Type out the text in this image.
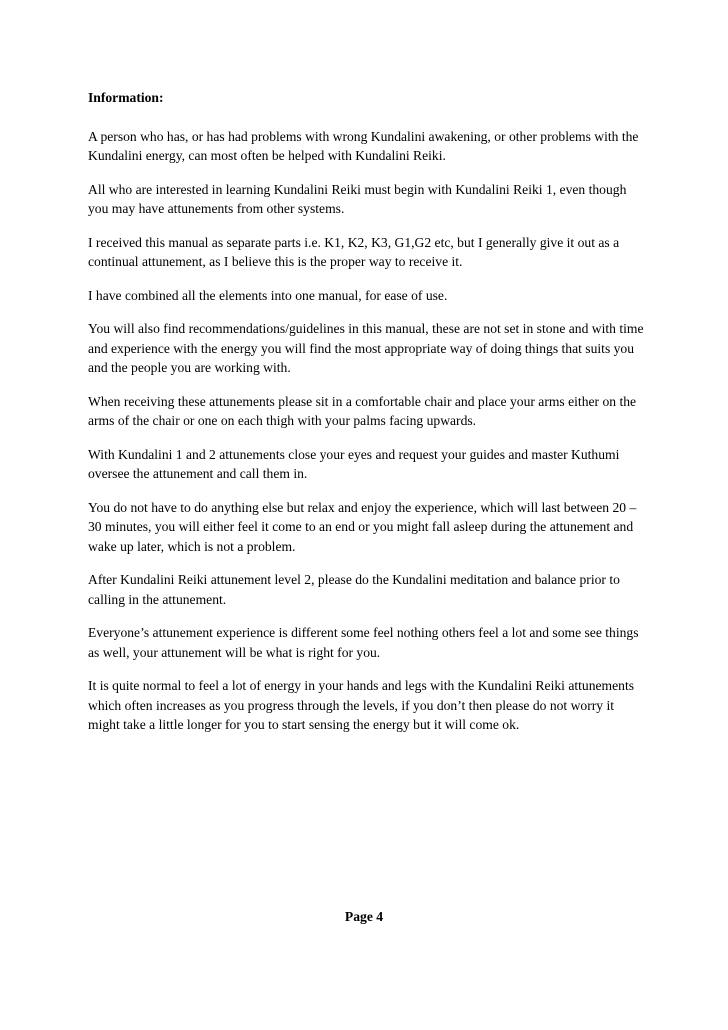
Information:

A person who has, or has had problems with wrong Kundalini awakening, or other problems with the Kundalini energy, can most often be helped with Kundalini Reiki.

All who are interested in learning Kundalini Reiki must begin with Kundalini Reiki 1, even though you may have attunements from other systems.

I received this manual as separate parts i.e. K1, K2, K3, G1,G2 etc, but I generally give it out as a continual attunement, as I believe this is the proper way to receive it.

I have combined all the elements into one manual, for ease of use.

You will also find recommendations/guidelines in this manual, these are not set in stone and with time and experience with the energy you will find the most appropriate way of doing things that suits you and the people you are working with.

When receiving these attunements please sit in a comfortable chair and place your arms either on the arms of the chair or one on each thigh with your palms facing upwards.

With Kundalini 1 and 2 attunements close your eyes and request your guides and master Kuthumi oversee the attunement and call them in.

You do not have to do anything else but relax and enjoy the experience, which will last between 20 – 30 minutes, you will either feel it come to an end or you might fall asleep during the attunement and wake up later, which is not a problem.

After Kundalini Reiki attunement level 2, please do the Kundalini meditation and balance prior to calling in the attunement.

Everyone’s attunement experience is different some feel nothing others feel a lot and some see things as well, your attunement will be what is right for you.

It is quite normal to feel a lot of energy in your hands and legs with the Kundalini Reiki attunements which often increases as you progress through the levels, if you don’t then please do not worry it might take a little longer for you to start sensing the energy but it will come ok.

Page 4
